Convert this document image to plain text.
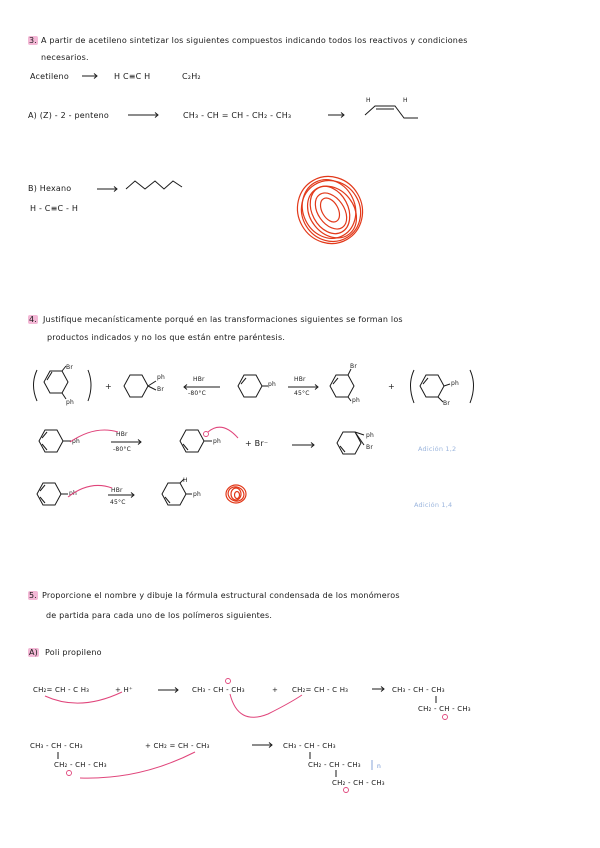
3. A partir de acetileno sintetizar los siguientes compuestos indicando todos los reactivos y condiciones
necesarios.
Acetileno	H C≡C H	C₂H₂
A) (Z) - 2 - penteno	CH₃ - CH = CH - CH₂ - CH₃
H	H
B) Hexano
H - C≡C - H
4. Justifique mecanísticamente porqué en las transformaciones siguientes se forman los
productos indicados y no los que están entre paréntesis.
+
HBr
-80°C
HBr
45°C
+
Br
ph
ph
Br
ph
Br
ph
ph
Br
ph
HBr
-80°C
ph	+ Br⁻
ph
Br	Adición 1,2
ph	HBr
45°C
H
ph
Adición 1,4
5. Proporcione el nombre y dibuje la fórmula estructural condensada de los monómeros
de partida para cada uno de los polímeros siguientes.
A) Poli propileno
CH₂= CH - C H₃	+ H⁺	CH₃ - CH - CH₃	+ CH₂= CH - C H₃	CH₃ - CH - CH₃
CH₂ - CH - CH₃
CH₃ - CH - CH₃
CH₂ - CH - CH₃
+ CH₂ = CH - CH₃	CH₃ - CH - CH₃
CH₂ - CH - CH₃	n
CH₂ - CH - CH₃
